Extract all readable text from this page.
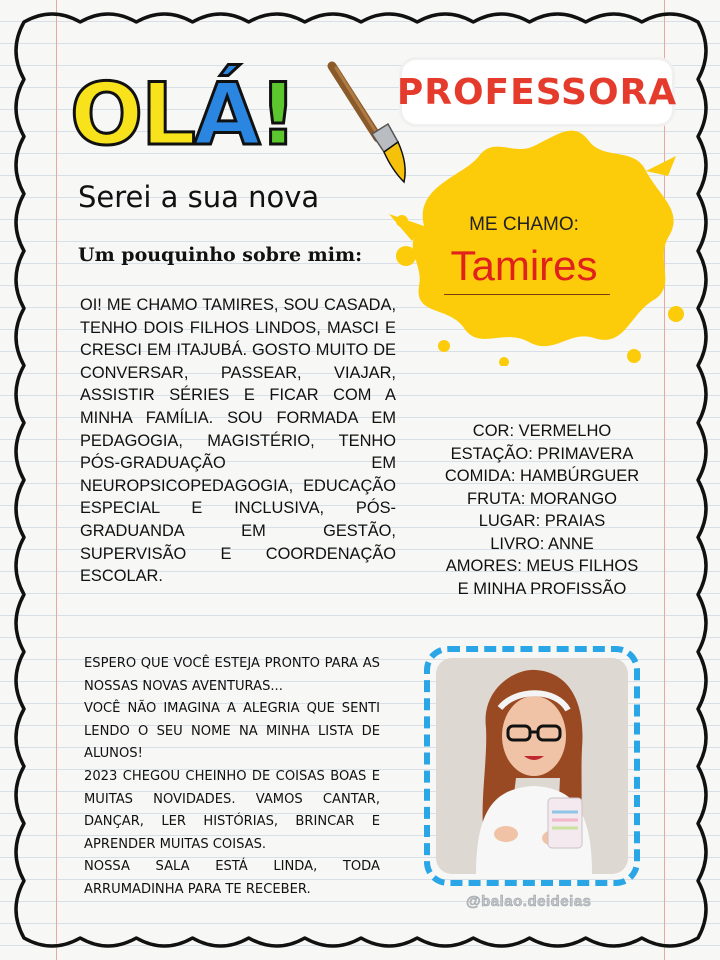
OLÁ!	PROFESSORA
Serei a sua nova
Um pouquinho sobre mim:
ME CHAMO:
Tamires
OI! ME CHAMO TAMIRES, SOU CASADA, TENHO DOIS FILHOS LINDOS, MASCI E CRESCI EM ITAJUBÁ. GOSTO MUITO DE CONVERSAR, PASSEAR, VIAJAR, ASSISTIR SÉRIES E FICAR COM A MINHA FAMÍLIA. SOU FORMADA EM PEDAGOGIA, MAGISTÉRIO, TENHO PÓS-GRADUAÇÃO EM NEUROPSICOPEDAGOGIA, EDUCAÇÃO ESPECIAL E INCLUSIVA, PÓS-GRADUANDA EM GESTÃO, SUPERVISÃO E COORDENAÇÃO ESCOLAR.
COR: VERMELHO
ESTAÇÃO: PRIMAVERA
COMIDA: HAMBÚRGUER
FRUTA: MORANGO
LUGAR: PRAIAS
LIVRO: ANNE
AMORES: MEUS FILHOS
E MINHA PROFISSÃO
ESPERO QUE VOCÊ ESTEJA PRONTO PARA AS NOSSAS NOVAS AVENTURAS...
VOCÊ NÃO IMAGINA A ALEGRIA QUE SENTI LENDO O SEU NOME NA MINHA LISTA DE ALUNOS!
2023 CHEGOU CHEINHO DE COISAS BOAS E MUITAS NOVIDADES. VAMOS CANTAR, DANÇAR, LER HISTÓRIAS, BRINCAR E APRENDER MUITAS COISAS.
NOSSA SALA ESTÁ LINDA, TODA ARRUMADINHA PARA TE RECEBER.
@balao.deideias
